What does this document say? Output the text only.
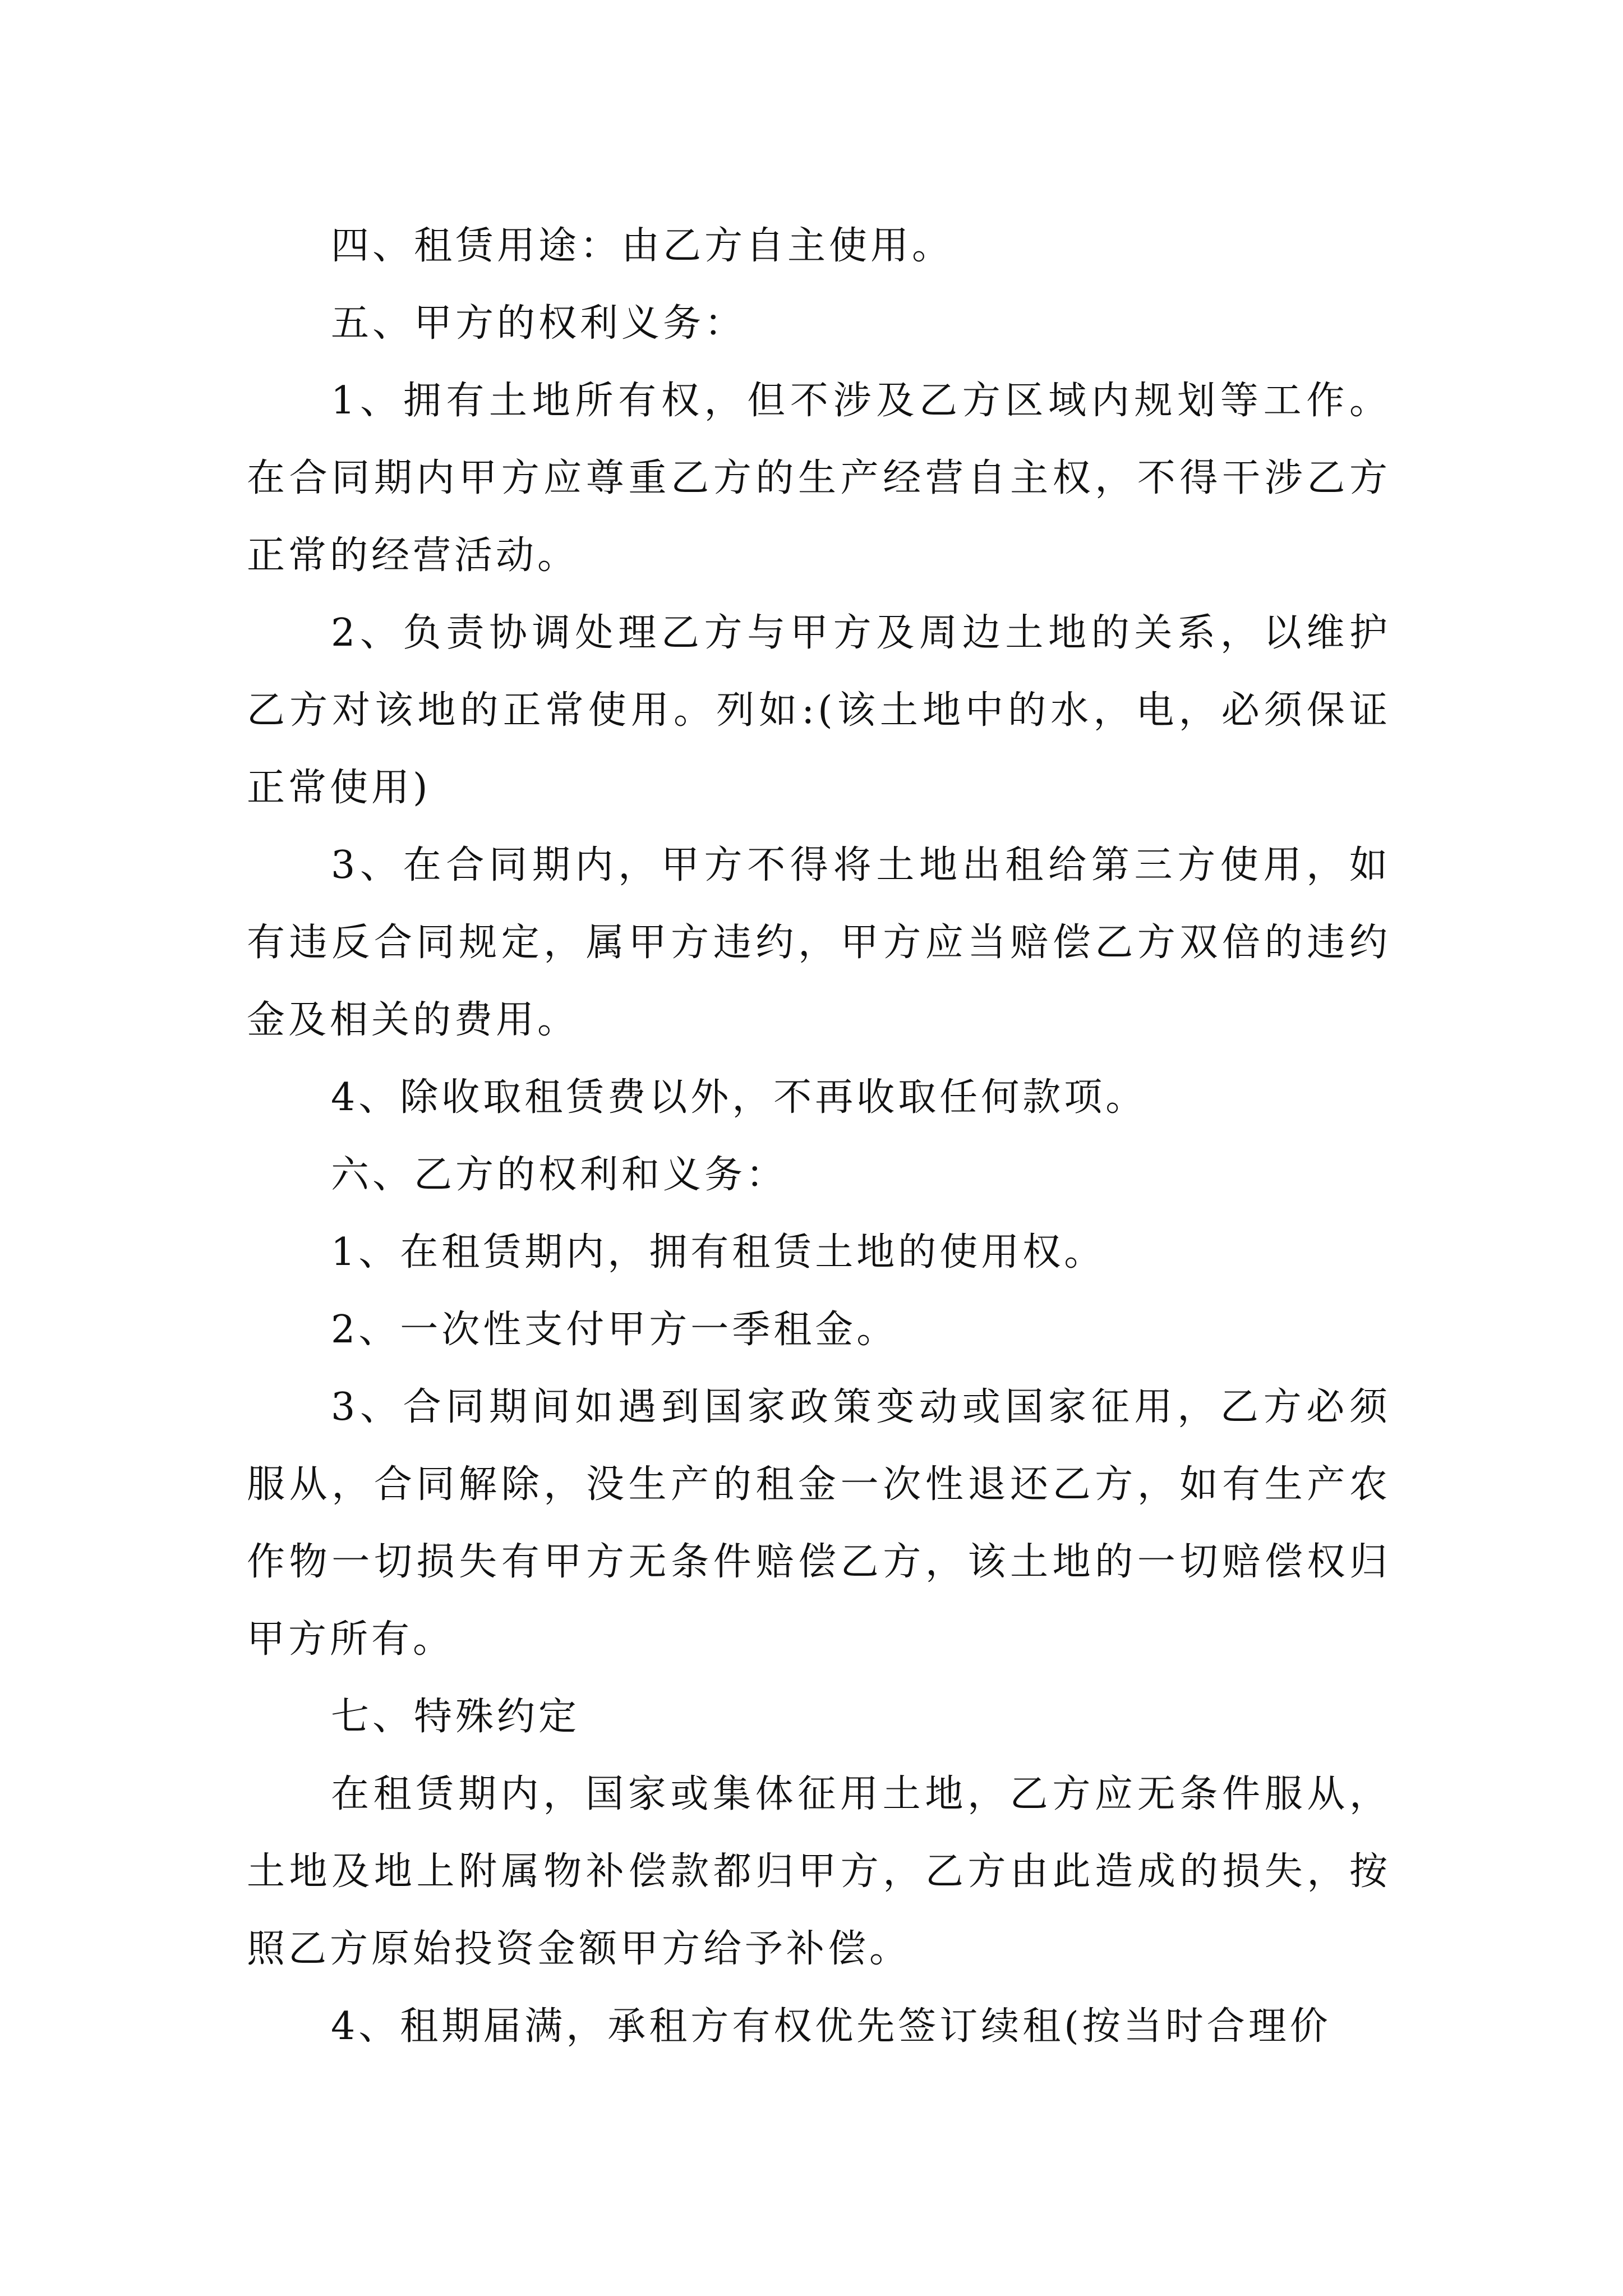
四、租赁用途：由乙方自主使用。

五、甲方的权利义务：

1、拥有土地所有权，但不涉及乙方区域内规划等工作。在合同期内甲方应尊重乙方的生产经营自主权，不得干涉乙方正常的经营活动。

2、负责协调处理乙方与甲方及周边土地的关系，以维护乙方对该地的正常使用。列如:(该土地中的水，电，必须保证正常使用)

3、在合同期内，甲方不得将土地出租给第三方使用，如有违反合同规定，属甲方违约，甲方应当赔偿乙方双倍的违约金及相关的费用。

4、除收取租赁费以外，不再收取任何款项。

六、乙方的权利和义务：

1、在租赁期内，拥有租赁土地的使用权。

2、一次性支付甲方一季租金。

3、合同期间如遇到国家政策变动或国家征用，乙方必须服从，合同解除，没生产的租金一次性退还乙方，如有生产农作物一切损失有甲方无条件赔偿乙方，该土地的一切赔偿权归甲方所有。

七、特殊约定

在租赁期内，国家或集体征用土地，乙方应无条件服从，土地及地上附属物补偿款都归甲方，乙方由此造成的损失，按照乙方原始投资金额甲方给予补偿。

4、租期届满，承租方有权优先签订续租(按当时合理价
